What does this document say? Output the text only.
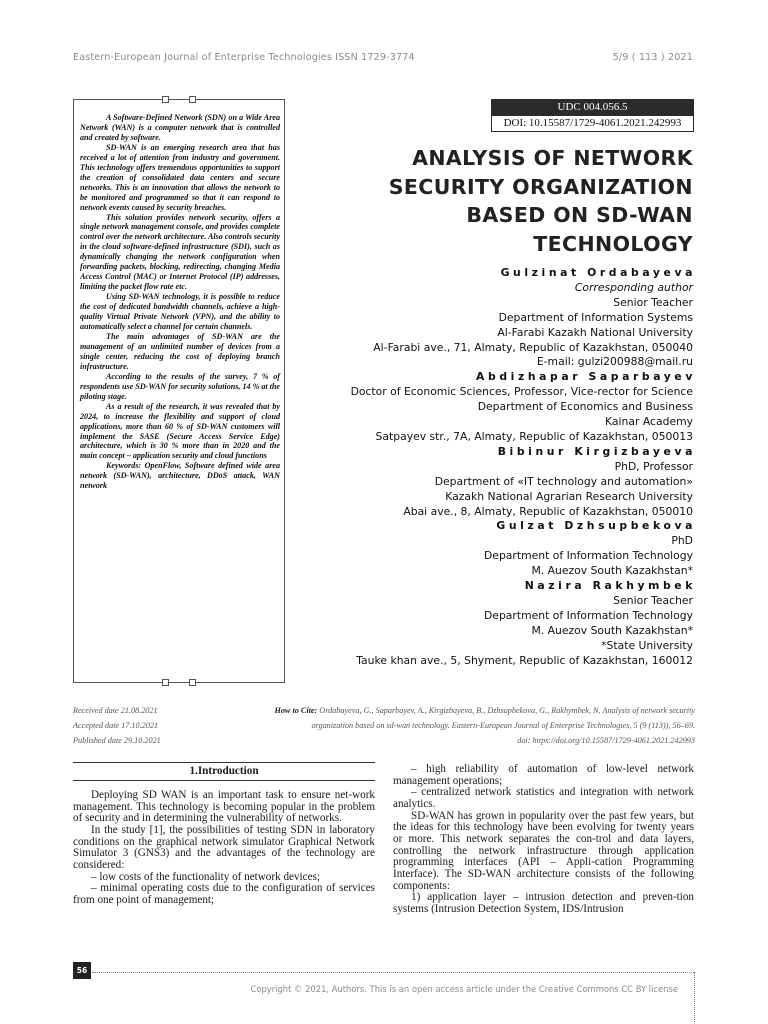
Eastern-European Journal of Enterprise Technologies ISSN 1729-3774	5/9 ( 113 ) 2021

A Software-Defined Network (SDN) on a Wide Area Network (WAN) is a computer network that is controlled and created by software.

SD-WAN is an emerging research area that has received a lot of attention from industry and government. This technology offers tremendous opportunities to support the creation of consolidated data centers and secure networks. This is an innovation that allows the network to be monitored and programmed so that it can respond to network events caused by security breaches.

This solution provides network security, offers a single network management console, and provides complete control over the network architecture. Also controls security in the cloud software-defined infrastructure (SDI), such as dynamically changing the network configuration when forwarding packets, blocking, redirecting, changing Media Access Control (MAC) or Internet Protocol (IP) addresses, limiting the packet flow rate etc.

Using SD-WAN technology, it is possible to reduce the cost of dedicated bandwidth channels, achieve a high-quality Virtual Private Network (VPN), and the ability to automatically select a channel for certain channels.

The main advantages of SD-WAN are the management of an unlimited number of devices from a single center, reducing the cost of deploying branch infrastructure.

According to the results of the survey, 7 % of respondents use SD-WAN for security solutions, 14 % at the piloting stage.

As a result of the research, it was revealed that by 2024, to increase the flexibility and support of cloud applications, more than 60 % of SD-WAN customers will implement the SASE (Secure Access Service Edge) architecture, which is 30 % more than in 2020 and the main concept – application security and cloud functions

Keywords: OpenFlow, Software defined wide area network (SD-WAN), architecture, DDoS attack, WAN network

UDC 004.056.5
DOI: 10.15587/1729-4061.2021.242993
ANALYSIS OF NETWORK
SECURITY ORGANIZATION
BASED ON SD-WAN
TECHNOLOGY
Gulzinat Ordabayeva
Corresponding author
Senior Teacher
Department of Information Systems
Al-Farabi Kazakh National University
Al-Farabi ave., 71, Almaty, Republic of Kazakhstan, 050040
E-mail: gulzi200988@mail.ru
Abdizhapar Saparbayev
Doctor of Economic Sciences, Professor, Vice-rector for Science
Department of Economics and Business
Kainar Academy
Satpayev str., 7A, Almaty, Republic of Kazakhstan, 050013
Bibinur Kirgizbayeva
PhD, Professor
Department of «IT technology and automation»
Kazakh National Agrarian Research University
Abai ave., 8, Almaty, Republic of Kazakhstan, 050010
Gulzat Dzhsupbekova
PhD
Department of Information Technology
M. Auezov South Kazakhstan*
Nazira Rakhymbek
Senior Teacher
Department of Information Technology
M. Auezov South Kazakhstan*
*State University
Tauke khan ave., 5, Shyment, Republic of Kazakhstan, 160012
Received date 21.08.2021
Accepted date 17.10.2021
Published date 29.10.2021
How to Cite: Ordabayeva, G., Saparbayev, A., Kirgizbayeva, B., Dzhsupbekova, G., Rakhymbek, N. Analysis of network security
organization based on sd-wan technology. Eastern-European Journal of Enterprise Technologies, 5 (9 (113)), 56–69.
doi: https://doi.org/10.15587/1729-4061.2021.242993
1.Introduction

Deploying SD WAN is an important task to ensure net-work management. This technology is becoming popular in the problem of security and in determining the vulnerability of networks.

In the study [1], the possibilities of testing SDN in laboratory conditions on the graphical network simulator Graphical Network Simulator 3 (GNS3) and the advantages of the technology are considered:

– low costs of the functionality of network devices;

– minimal operating costs due to the configuration of services from one point of management;

– high reliability of automation of low-level network management operations;

– centralized network statistics and integration with network analytics.

SD-WAN has grown in popularity over the past few years, but the ideas for this technology have been evolving for twenty years or more. This network separates the con-trol and data layers, controlling the network infrastructure through application programming interfaces (API – Appli-cation Programming Interface). The SD-WAN architecture consists of the following components:

1) application layer – intrusion detection and preven-tion systems (Intrusion Detection System, IDS/Intrusion

56
Copyright © 2021, Authors. This is an open access article under the Creative Commons CC BY license
